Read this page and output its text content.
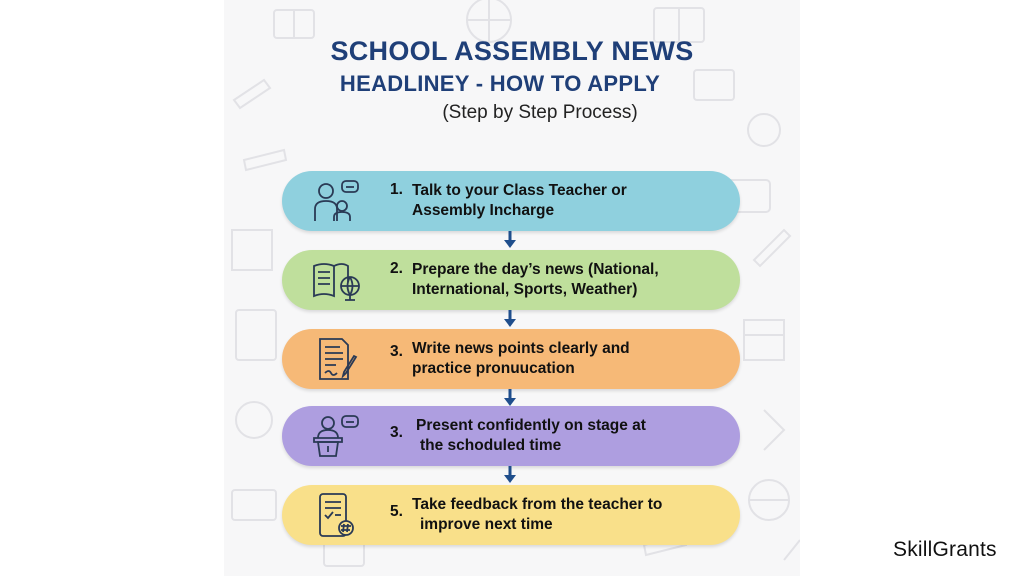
SCHOOL ASSEMBLY NEWS
HEADLINEY - HOW TO APPLY
(Step by Step Process)
1. Talk to your Class Teacher or
Assembly Incharge
2. Prepare the day’s news (National,
International, Sports, Weather)
3. Write news points clearly and
practice pronuucation
3. Present confidently on stage at
the schoduled time
5. Take feedback from the teacher to
improve next time
SkillGrants
